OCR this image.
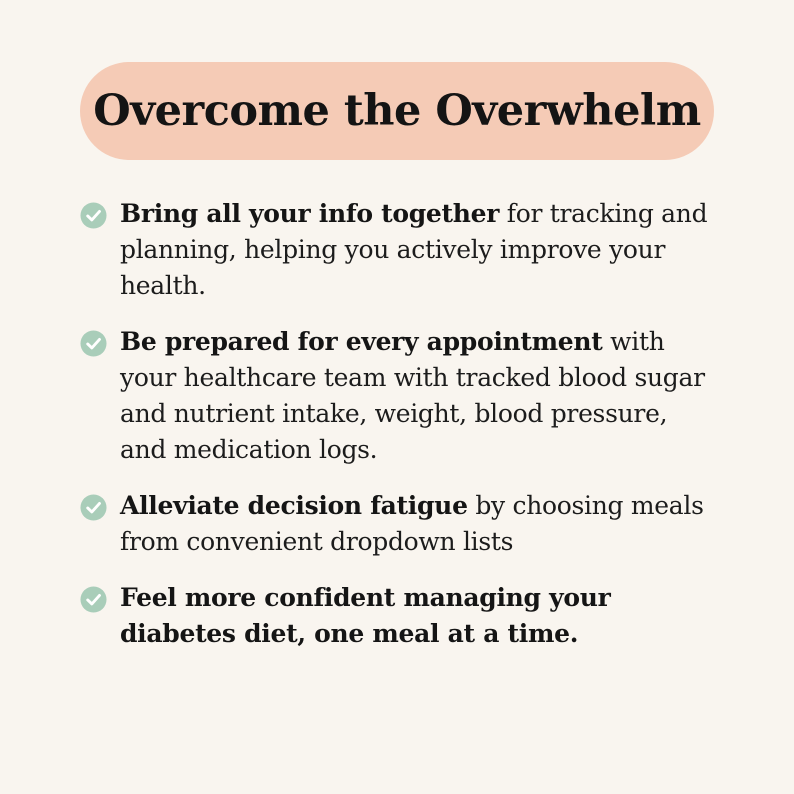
Overcome the Overwhelm
Bring all your info together for tracking and planning, helping you actively improve your health.
Be prepared for every appointment with your healthcare team with tracked blood sugar and nutrient intake, weight, blood pressure, and medication logs.
Alleviate decision fatigue by choosing meals from convenient dropdown lists
Feel more confident managing your diabetes diet, one meal at a time.
